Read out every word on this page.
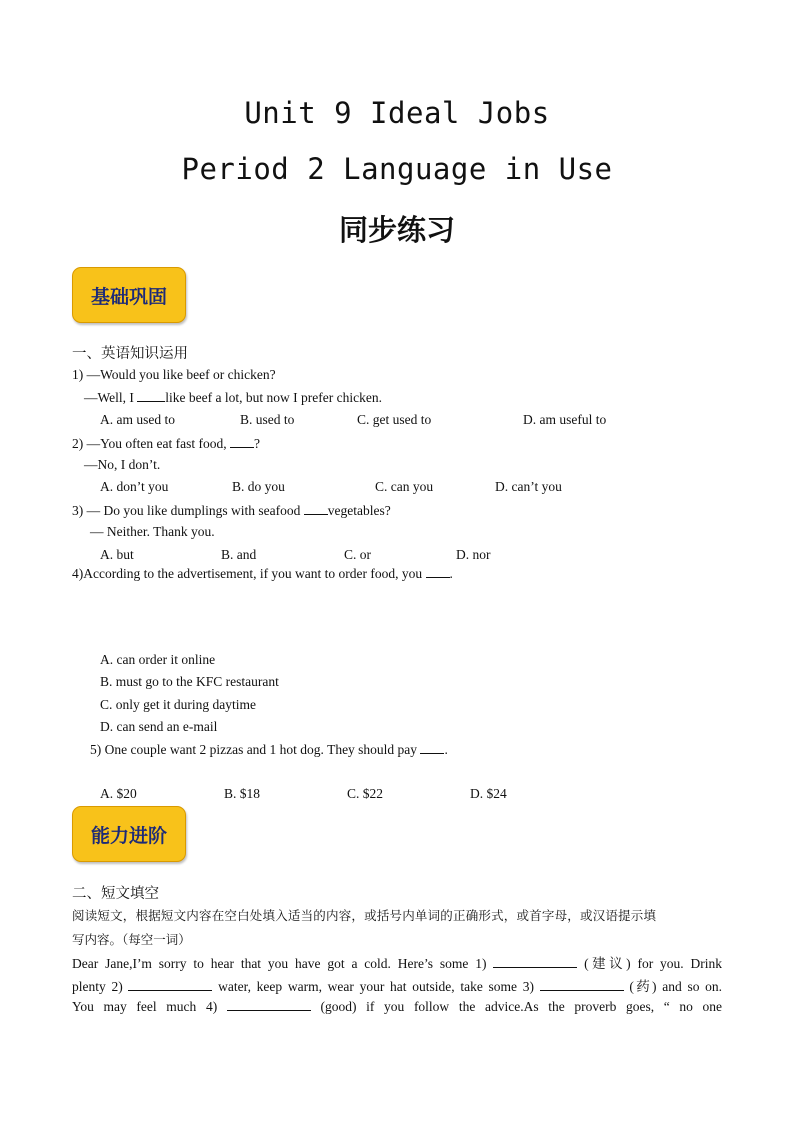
Unit 9 Ideal Jobs
Period 2 Language in Use
同步练习
基础巩固
一、英语知识运用
1) —Would you like beef or chicken?
—Well, I like beef a lot, but now I prefer chicken.
A. am used to	B. used to	C. get used to	D. am useful to
2) —You often eat fast food, ?
—No, I don’t.
A. don’t you	B. do you	C. can you	D. can’t you
3) — Do you like dumplings with seafood vegetables?
— Neither. Thank you.
A. but	B. and	C. or	D. nor
4)According to the advertisement, if you want to order food, you .
A. can order it online
B. must go to the KFC restaurant
C. only get it during daytime
D. can send an e-mail
5) One couple want 2 pizzas and 1 hot dog. They should pay .
A. $20	B. $18	C. $22	D. $24
能力进阶
二、短文填空
阅读短文，根据短文内容在空白处填入适当的内容，或括号内单词的正确形式，或首字母，或汉语提示填
写内容。（每空一词）
Dear Jane,I’m sorry to hear that you have got a cold. Here’s some 1)	(建议) for you. Drink
plenty 2)	water, keep warm, wear your hat outside, take some 3)	(药) and so on.
You may feel much 4)	(good) if you follow the advice.As the proverb goes, “ no one
